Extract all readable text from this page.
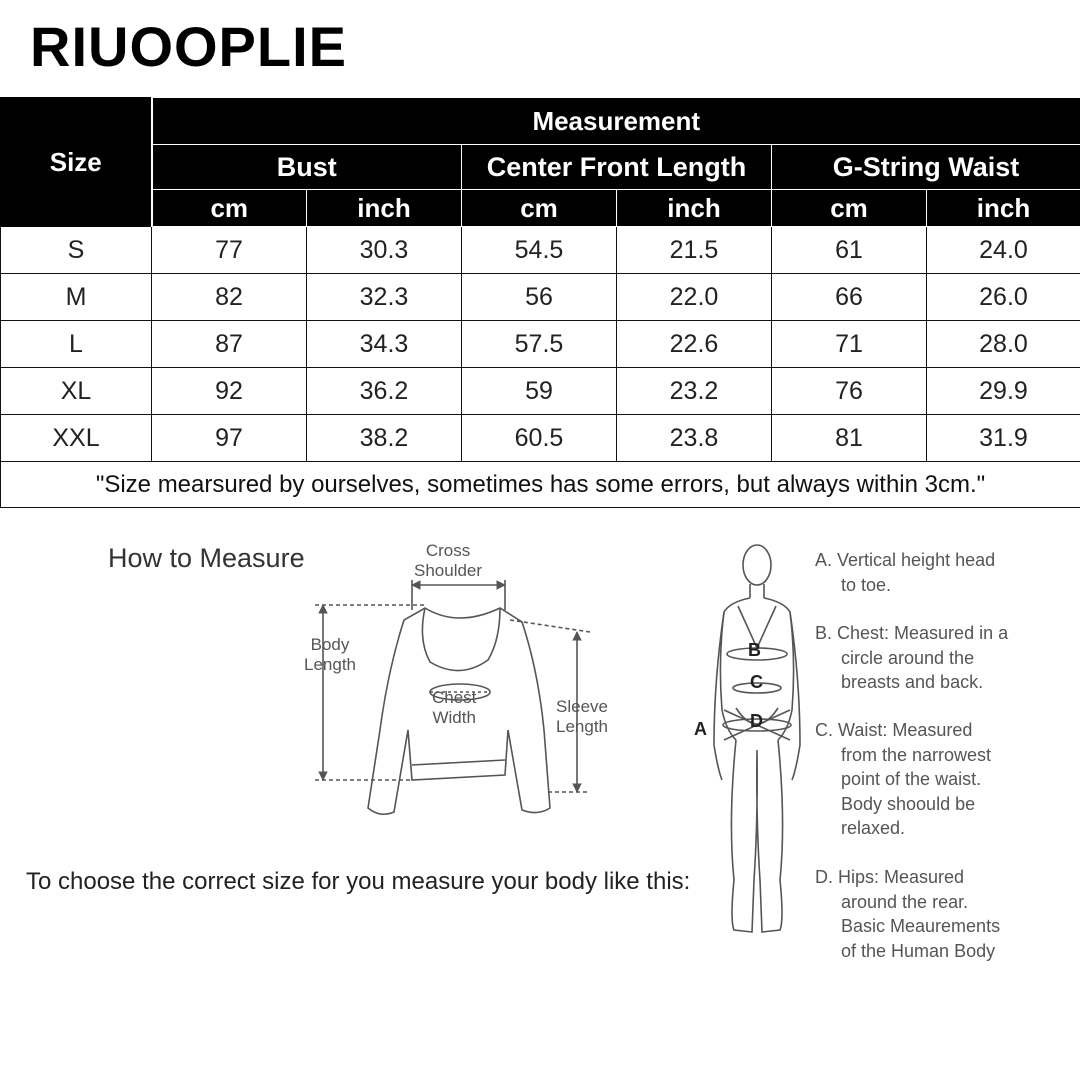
RIUOOPLIE
Size	Measurement					
	Bust		Center Front Length		G-String Waist	
	cm	inch	cm	inch	cm	inch
S	77	30.3	54.5	21.5	61	24.0
M	82	32.3	56	22.0	66	26.0
L	87	34.3	57.5	22.6	71	28.0
XL	92	36.2	59	23.2	76	29.9
XXL	97	38.2	60.5	23.8	81	31.9
"Size mearsured by ourselves, sometimes has some errors, but always within 3cm."						
How to Measure	Cross
Shoulder
Body
Length
Chest
Width
Sleeve
Length
To choose the correct size for you measure your body like this:
B
C
D
A
A. Vertical height head
to toe.
B. Chest: Measured in a
circle around the
breasts and back.
C. Waist: Measured
from the narrowest
point of the waist.
Body shoould be
relaxed.
D. Hips: Measured
around the rear.
Basic Meaurements
of the Human Body
